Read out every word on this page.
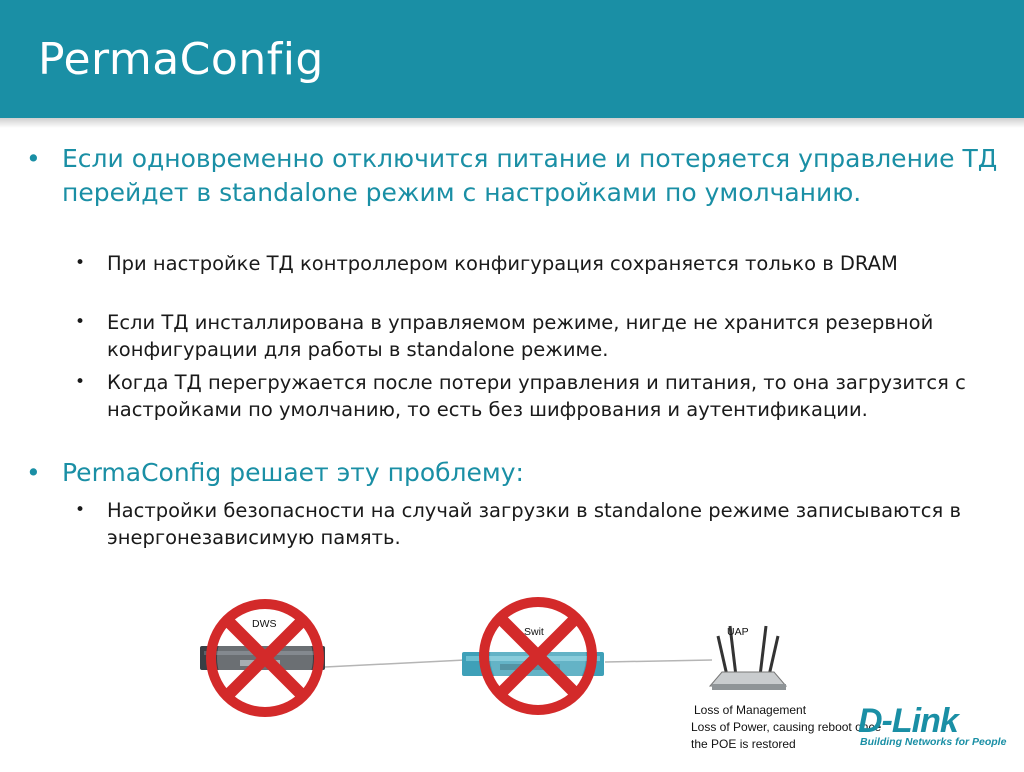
PermaConfig
• Если одновременно отключится питание и потеряется управление ТД перейдет в standalone режим с настройками по умолчанию.
• При настройке ТД контроллером конфигурация сохраняется только в DRAM
• Если ТД инсталлирована в управляемом режиме, нигде не хранится резервной конфигурации для работы в standalone режиме.
• Когда ТД перегружается после потери управления и питания, то она загрузится с настройками по умолчанию, то есть без шифрования и аутентификации.
• PermaConfig решает эту проблему:
• Настройки безопасности на случай загрузки в standalone режиме записываются в энергонезависимую память.
DWS
Swit	UAP
Loss of Management
Loss of Power, causing reboot once
the POE is restored
D-Link
Building Networks for People
